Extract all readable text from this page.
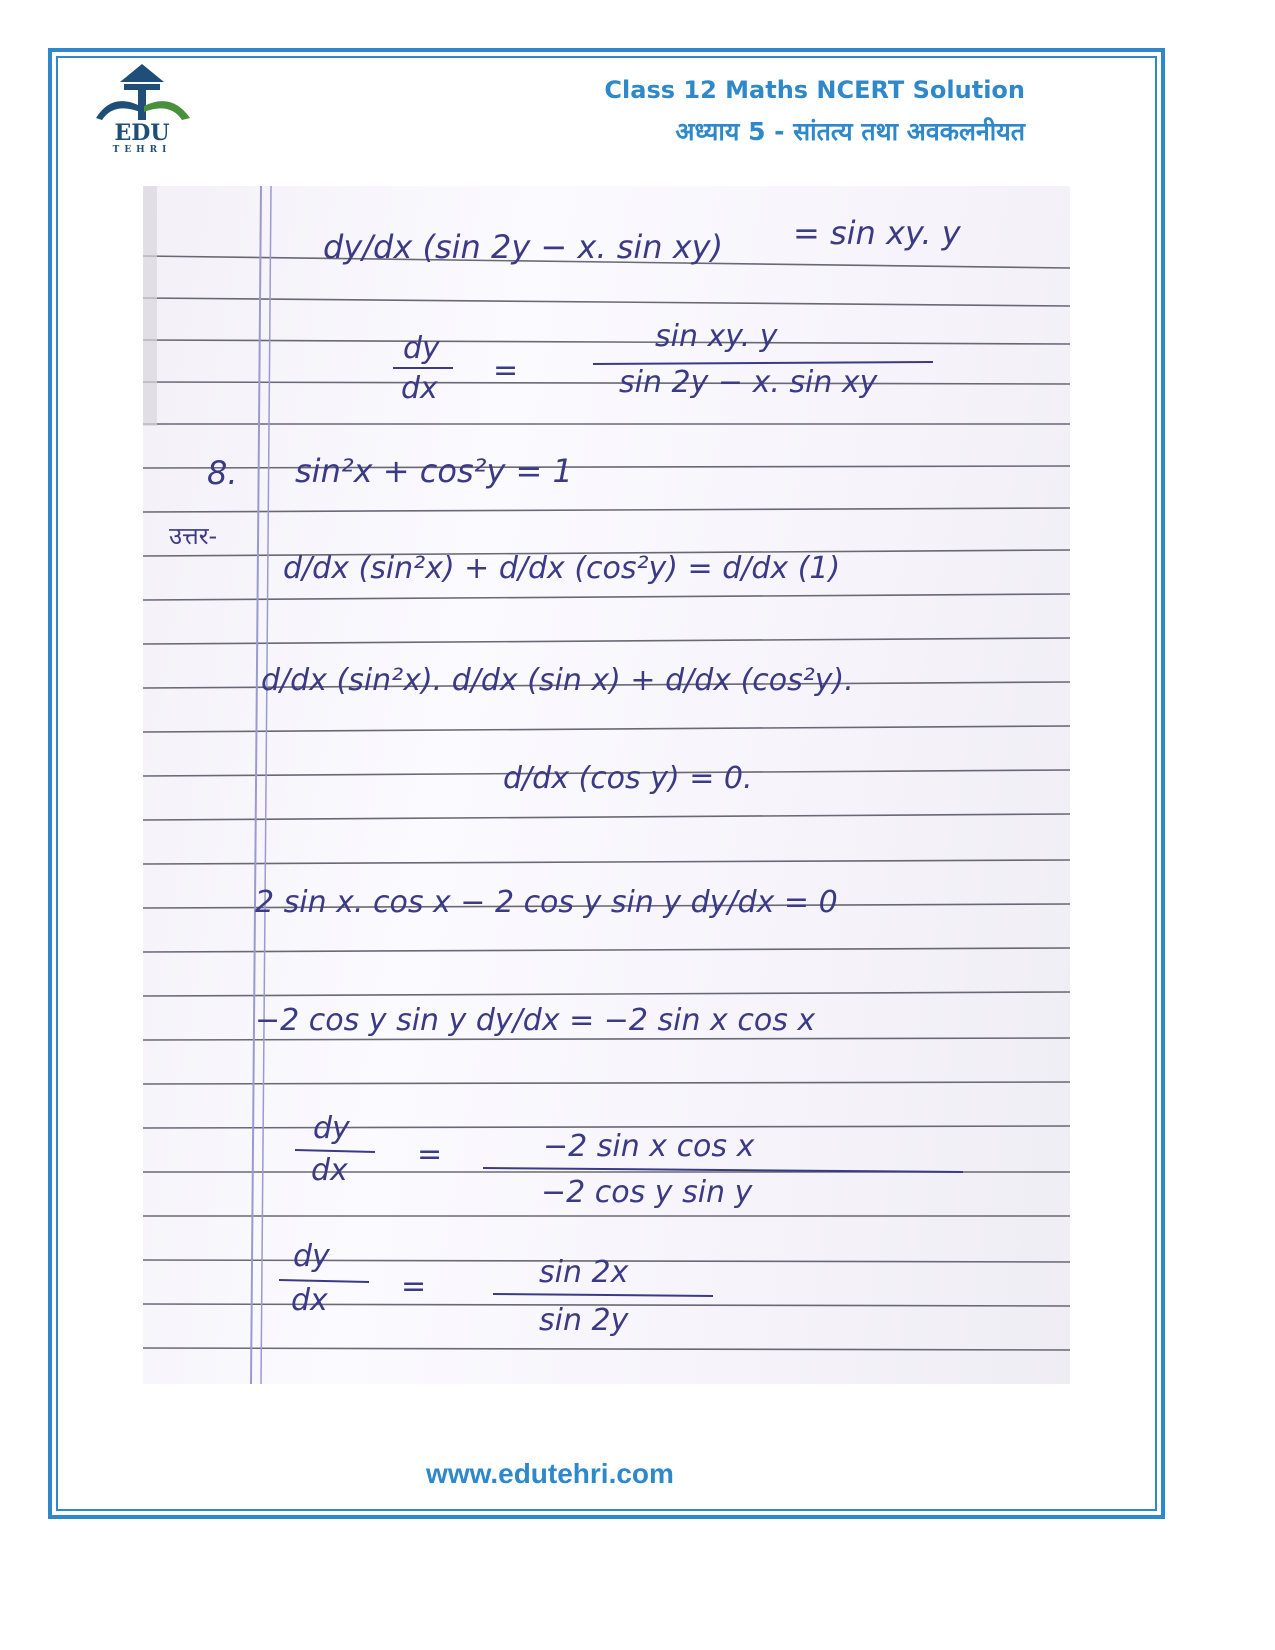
EDU
TEHRI
Class 12 Maths NCERT Solution
अध्याय 5 - सांतत्य तथा अवकलनीयत
dy/dx (sin 2y − x. sin xy) = sin xy. y
dy
dx
=
sin xy. y
sin 2y − x. sin xy
8. sin²x + cos²y = 1
उत्तर-
d/dx (sin²x) + d/dx (cos²y) = d/dx (1)
d/dx (sin²x). d/dx (sin x) + d/dx (cos²y).
d/dx (cos y) = 0.
2 sin x. cos x − 2 cos y sin y dy/dx = 0
−2 cos y sin y dy/dx = −2 sin x cos x
dy
dx =	−2 sin x cos x
−2 cos y sin y
dy
dx =	sin 2x
sin 2y
www.edutehri.com
